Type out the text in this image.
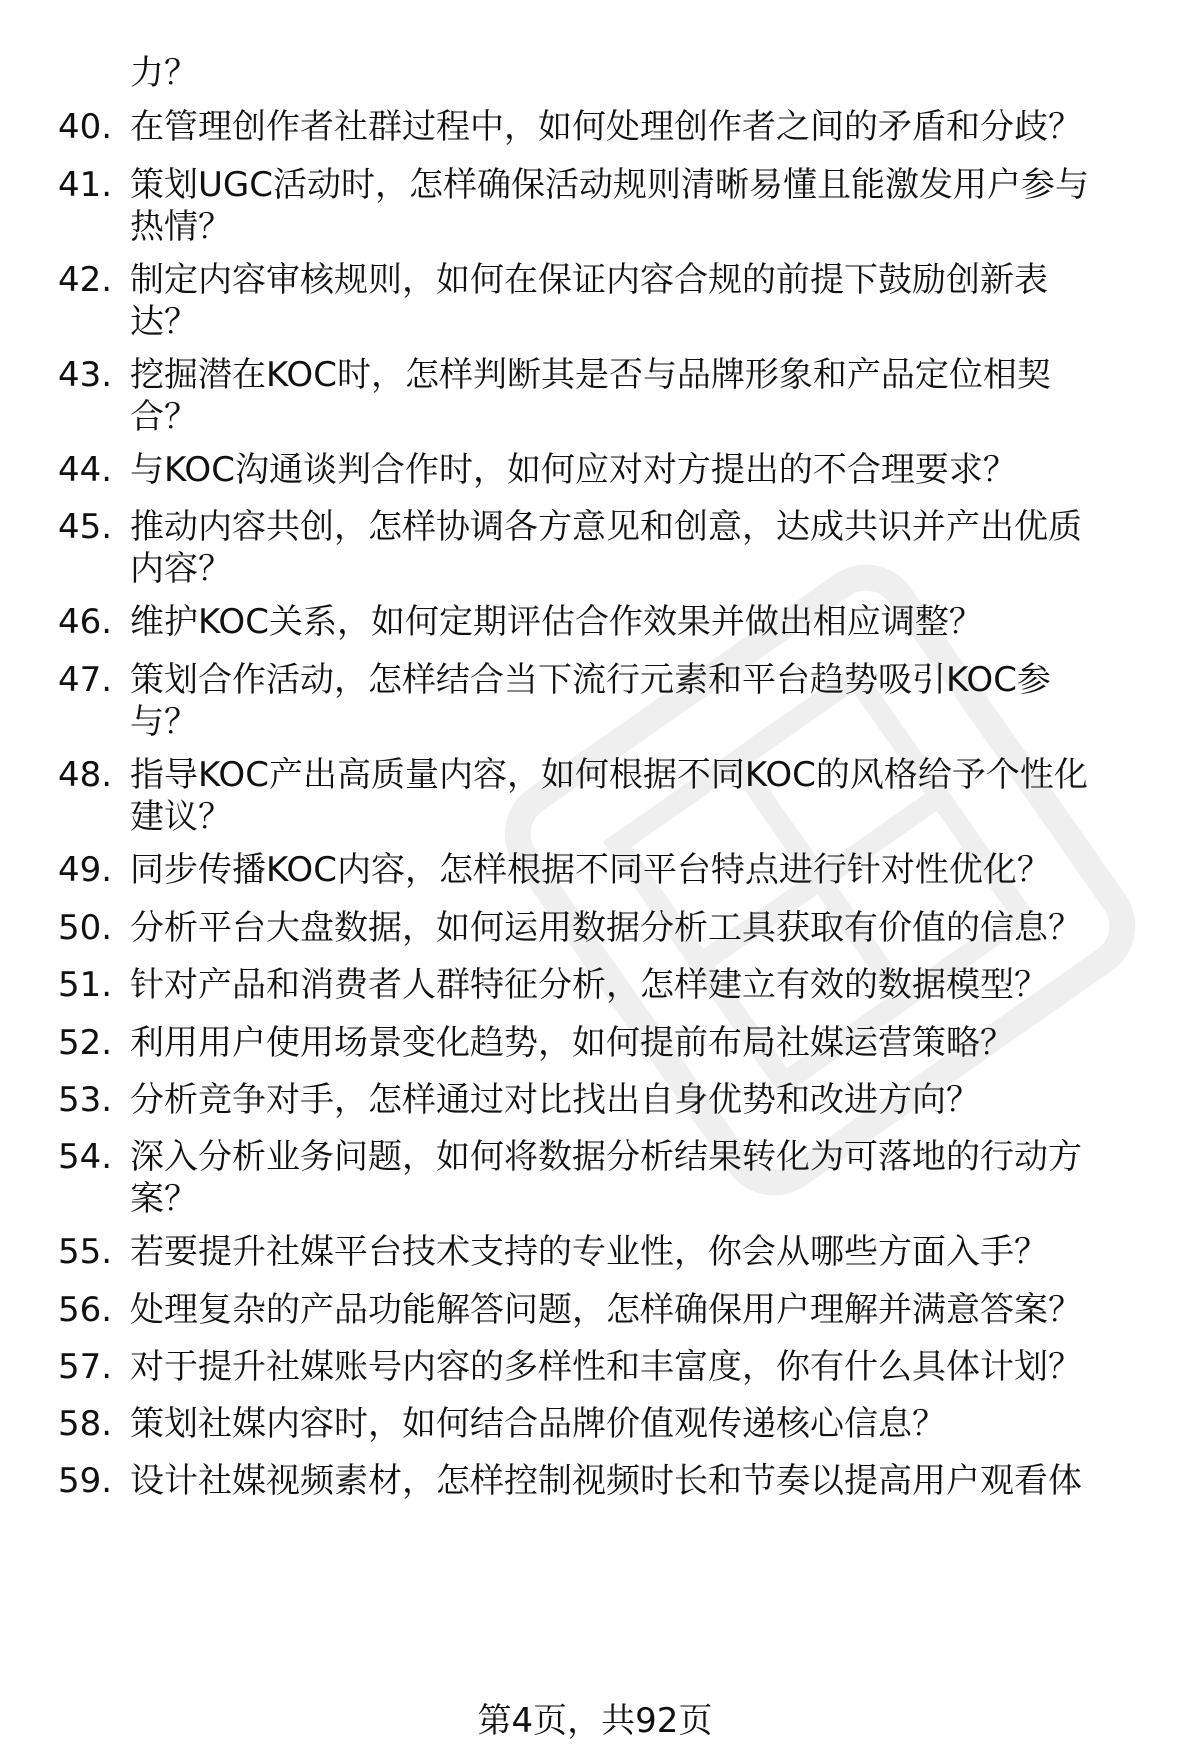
力？
40. 在管理创作者社群过程中，如何处理创作者之间的矛盾和分歧？
41. 策划UGC活动时，怎样确保活动规则清晰易懂且能激发用户参与
热情？
42. 制定内容审核规则，如何在保证内容合规的前提下鼓励创新表
达？
43. 挖掘潜在KOC时，怎样判断其是否与品牌形象和产品定位相契
合？
44. 与KOC沟通谈判合作时，如何应对对方提出的不合理要求？
45. 推动内容共创，怎样协调各方意见和创意，达成共识并产出优质
内容？
46. 维护KOC关系，如何定期评估合作效果并做出相应调整？
47. 策划合作活动，怎样结合当下流行元素和平台趋势吸引KOC参
与？
48. 指导KOC产出高质量内容，如何根据不同KOC的风格给予个性化
建议？
49. 同步传播KOC内容，怎样根据不同平台特点进行针对性优化？
50. 分析平台大盘数据，如何运用数据分析工具获取有价值的信息？
51. 针对产品和消费者人群特征分析，怎样建立有效的数据模型？
52. 利用用户使用场景变化趋势，如何提前布局社媒运营策略？
53. 分析竞争对手，怎样通过对比找出自身优势和改进方向？
54. 深入分析业务问题，如何将数据分析结果转化为可落地的行动方
案？
55. 若要提升社媒平台技术支持的专业性，你会从哪些方面入手？
56. 处理复杂的产品功能解答问题，怎样确保用户理解并满意答案？
57. 对于提升社媒账号内容的多样性和丰富度，你有什么具体计划？
58. 策划社媒内容时，如何结合品牌价值观传递核心信息？
59. 设计社媒视频素材，怎样控制视频时长和节奏以提高用户观看体
第4页，共92页
